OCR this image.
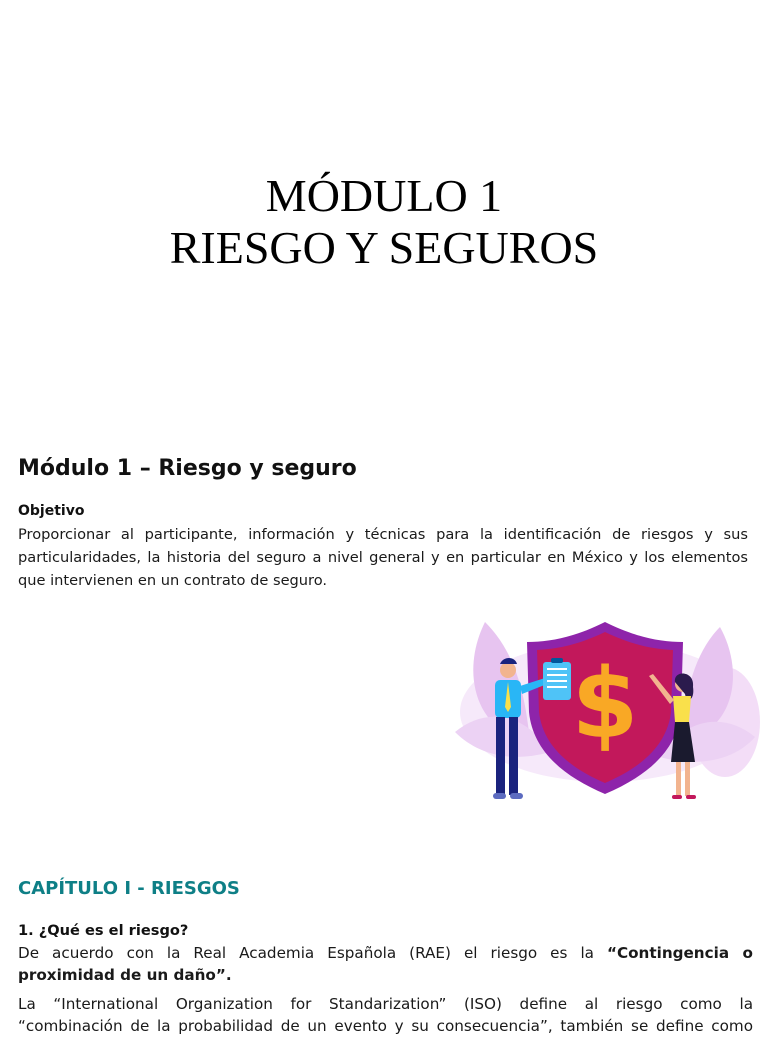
MÓDULO 1
RIESGO Y SEGUROS
Módulo 1 – Riesgo y seguro
Objetivo
Proporcionar al participante, información y técnicas para la identificación de riesgos y sus particularidades, la historia del seguro a nivel general y en particular en México y los elementos que intervienen en un contrato de seguro.
$
CAPÍTULO I - RIESGOS
1. ¿Qué es el riesgo?
De acuerdo con la Real Academia Española (RAE) el riesgo es la “Contingencia o
proximidad de un daño”.
La “International Organization for Standarization” (ISO) define al riesgo como la
“combinación de la probabilidad de un evento y su consecuencia”, también se define como
